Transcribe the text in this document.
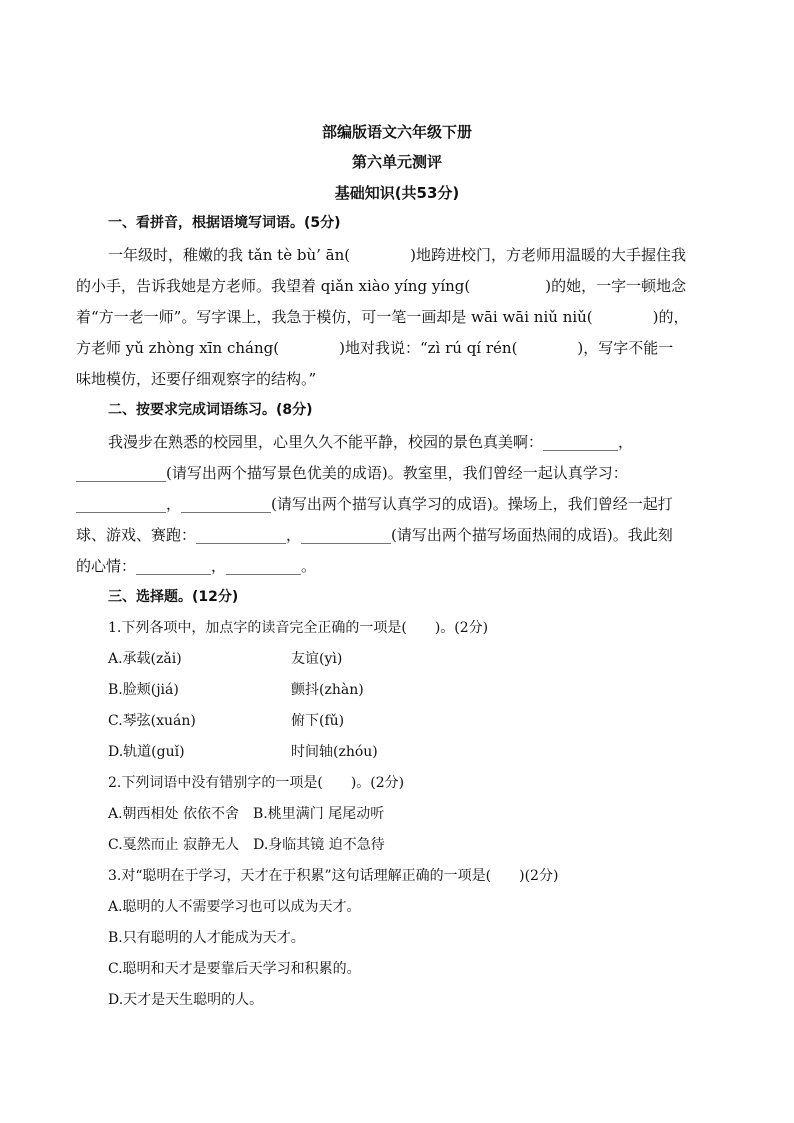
部编版语文六年级下册
第六单元测评
基础知识(共53分)
一、看拼音，根据语境写词语。(5分)
一年级时，稚嫩的我 tǎn tè bù’ ān(　　　　)地跨进校门，方老师用温暖的大手握住我
的小手，告诉我她是方老师。我望着 qiǎn xiào yíng yíng(　　　　　)的她，一字一顿地念
着“方一老一师”。写字课上，我急于模仿，可一笔一画却是 wāi wāi niǔ niǔ(　　　　)的，
方老师 yǔ zhòng xīn cháng(　　　　)地对我说：“zì rú qí rén(　　　　)，写字不能一
味地模仿，还要仔细观察字的结构。”
二、按要求完成词语练习。(8分)
我漫步在熟悉的校园里，心里久久不能平静，校园的景色真美啊：__________，
____________(请写出两个描写景色优美的成语)。教室里，我们曾经一起认真学习：
____________，____________(请写出两个描写认真学习的成语)。操场上，我们曾经一起打
球、游戏、赛跑：____________，____________(请写出两个描写场面热闹的成语)。我此刻
的心情：__________，__________。
三、选择题。(12分)
1.下列各项中，加点字的读音完全正确的一项是(　　)。(2分)
A.承载(zǎi)	友谊(yì)
B.脸颊(jiá)	颤抖(zhàn)
C.琴弦(xuán)	俯下(fǔ)
D.轨道(guǐ)	时间轴(zhóu)
2.下列词语中没有错别字的一项是(　　)。(2分)
A.朝西相处 依依不舍　B.桃里满门 尾尾动听
C.戛然而止 寂静无人　D.身临其镜 迫不急待
3.对“聪明在于学习，天才在于积累”这句话理解正确的一项是(　　)(2分)
A.聪明的人不需要学习也可以成为天才。
B.只有聪明的人才能成为天才。
C.聪明和天才是要靠后天学习和积累的。
D.天才是天生聪明的人。
